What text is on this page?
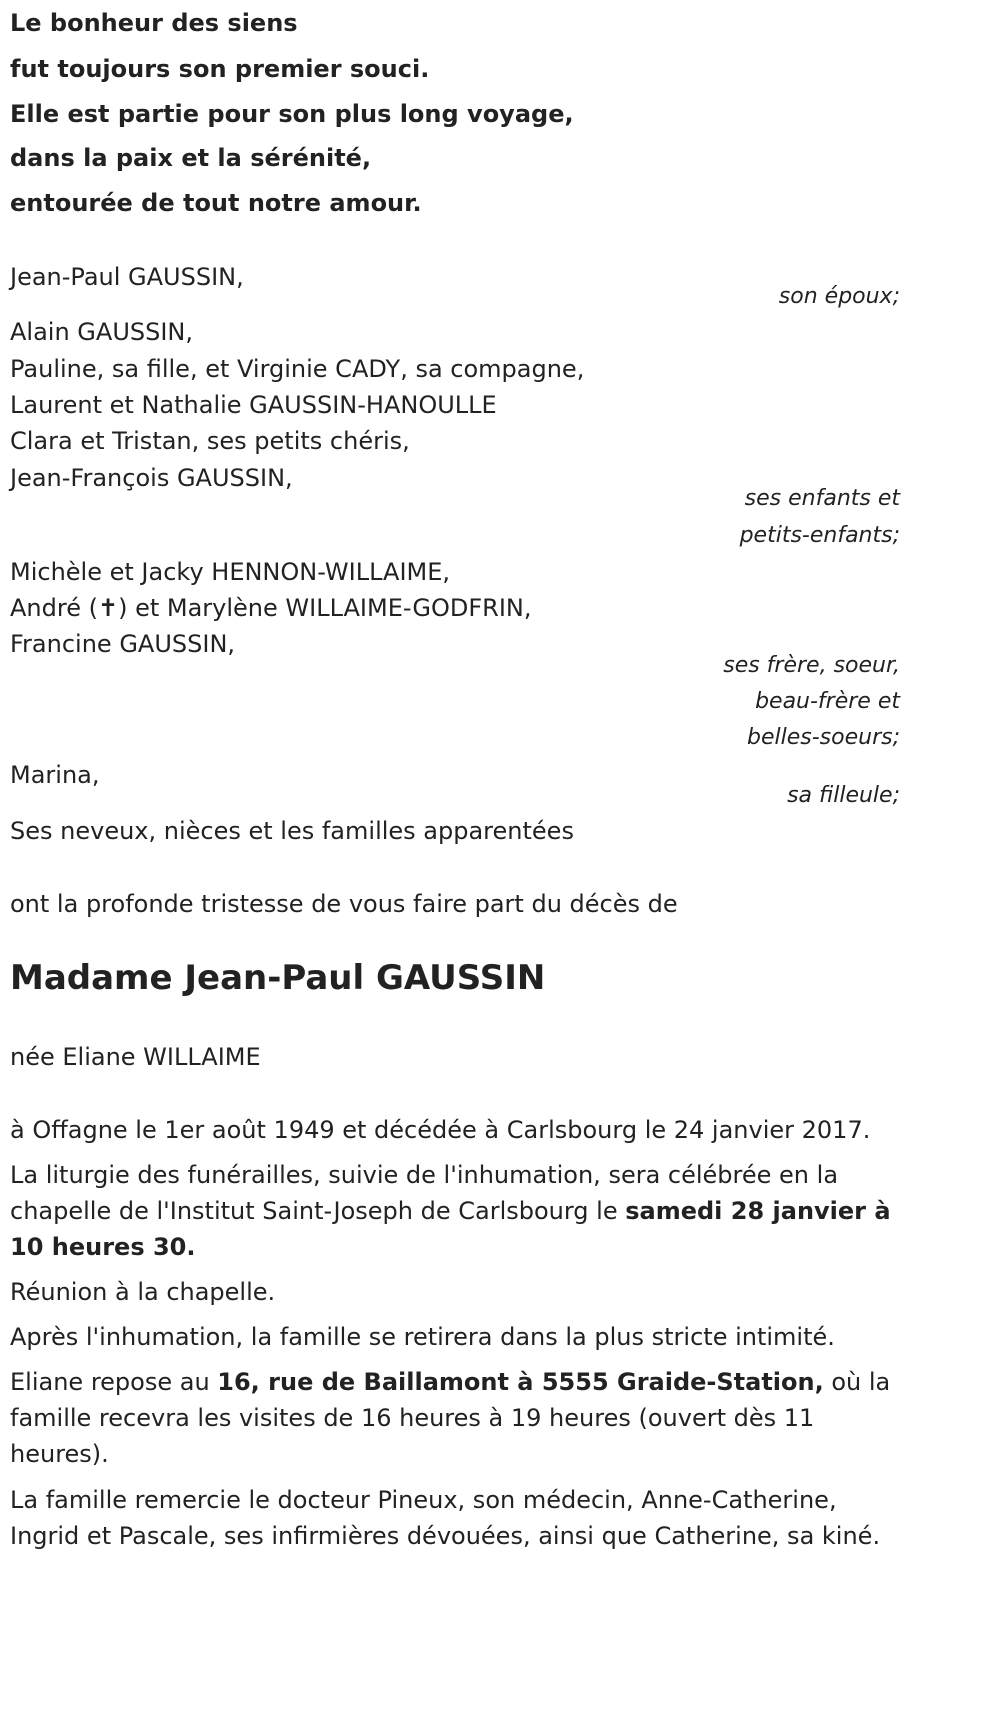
Le bonheur des siens
fut toujours son premier souci.
Elle est partie pour son plus long voyage,
dans la paix et la sérénité,
entourée de tout notre amour.
Jean-Paul GAUSSIN,
son époux;
Alain GAUSSIN,
Pauline, sa fille, et Virginie CADY, sa compagne,
Laurent et Nathalie GAUSSIN-HANOULLE
Clara et Tristan, ses petits chéris,
Jean-François GAUSSIN,
ses enfants et
petits-enfants;
Michèle et Jacky HENNON-WILLAIME,
André (✝) et Marylène WILLAIME-GODFRIN,
Francine GAUSSIN,
ses frère, soeur,
beau-frère et
belles-soeurs;
Marina,
sa filleule;
Ses neveux, nièces et les familles apparentées
ont la profonde tristesse de vous faire part du décès de
Madame Jean-Paul GAUSSIN
née Eliane WILLAIME
à Offagne le 1er août 1949 et décédée à Carlsbourg le 24 janvier 2017.
La liturgie des funérailles, suivie de l'inhumation, sera célébrée en la
chapelle de l'Institut Saint-Joseph de Carlsbourg le samedi 28 janvier à
10 heures 30.
Réunion à la chapelle.
Après l'inhumation, la famille se retirera dans la plus stricte intimité.
Eliane repose au 16, rue de Baillamont à 5555 Graide-Station, où la
famille recevra les visites de 16 heures à 19 heures (ouvert dès 11
heures).
La famille remercie le docteur Pineux, son médecin, Anne-Catherine,
Ingrid et Pascale, ses infirmières dévouées, ainsi que Catherine, sa kiné.
